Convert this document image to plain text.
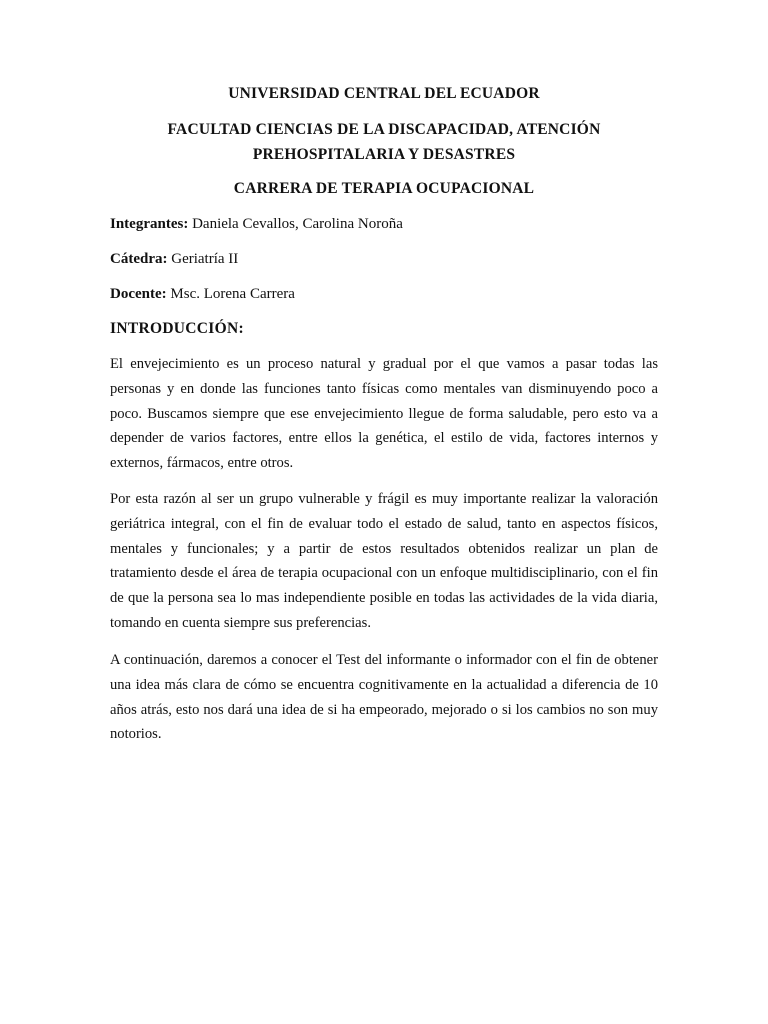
UNIVERSIDAD CENTRAL DEL ECUADOR
FACULTAD CIENCIAS DE LA DISCAPACIDAD, ATENCIÓN
PREHOSPITALARIA Y DESASTRES
CARRERA DE TERAPIA OCUPACIONAL
Integrantes: Daniela Cevallos, Carolina Noroña
Cátedra: Geriatría II
Docente: Msc. Lorena Carrera
INTRODUCCIÓN:

El envejecimiento es un proceso natural y gradual por el que vamos a pasar todas las personas y en donde las funciones tanto físicas como mentales van disminuyendo poco a poco. Buscamos siempre que ese envejecimiento llegue de forma saludable, pero esto va a depender de varios factores, entre ellos la genética, el estilo de vida, factores internos y externos, fármacos, entre otros.

Por esta razón al ser un grupo vulnerable y frágil es muy importante realizar la valoración geriátrica integral, con el fin de evaluar todo el estado de salud, tanto en aspectos físicos, mentales y funcionales; y a partir de estos resultados obtenidos realizar un plan de tratamiento desde el área de terapia ocupacional con un enfoque multidisciplinario, con el fin de que la persona sea lo mas independiente posible en todas las actividades de la vida diaria, tomando en cuenta siempre sus preferencias.

A continuación, daremos a conocer el Test del informante o informador con el fin de obtener una idea más clara de cómo se encuentra cognitivamente en la actualidad a diferencia de 10 años atrás, esto nos dará una idea de si ha empeorado, mejorado o si los cambios no son muy notorios.
